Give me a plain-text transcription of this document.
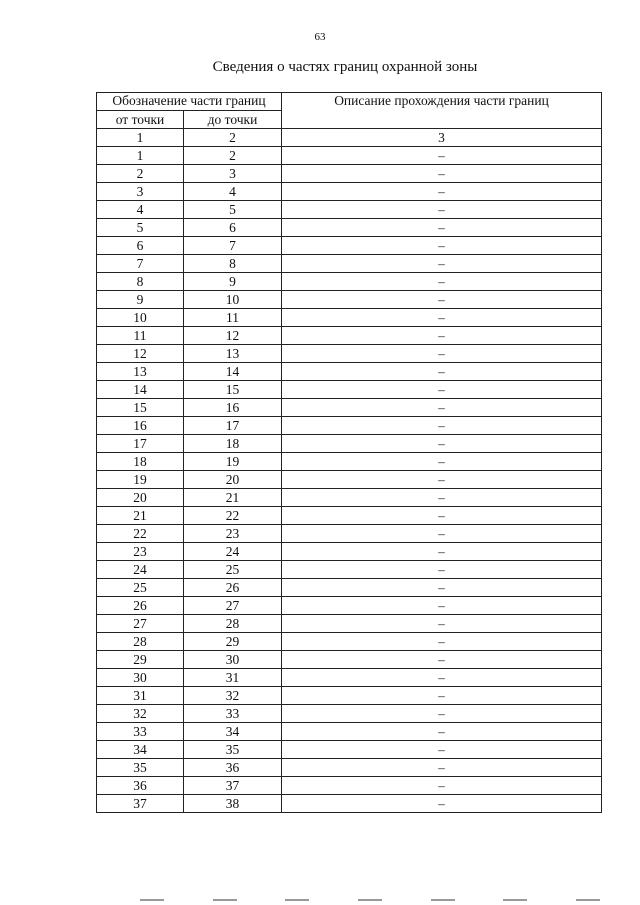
63
Сведения о частях границ охранной зоны
Обозначение части границ		Описание прохождения части границ
от точки	до точки	
1	2	3
1	2	–
2	3	–
3	4	–
4	5	–
5	6	–
6	7	–
7	8	–
8	9	–
9	10	–
10	11	–
11	12	–
12	13	–
13	14	–
14	15	–
15	16	–
16	17	–
17	18	–
18	19	–
19	20	–
20	21	–
21	22	–
22	23	–
23	24	–
24	25	–
25	26	–
26	27	–
27	28	–
28	29	–
29	30	–
30	31	–
31	32	–
32	33	–
33	34	–
34	35	–
35	36	–
36	37	–
37	38	–
